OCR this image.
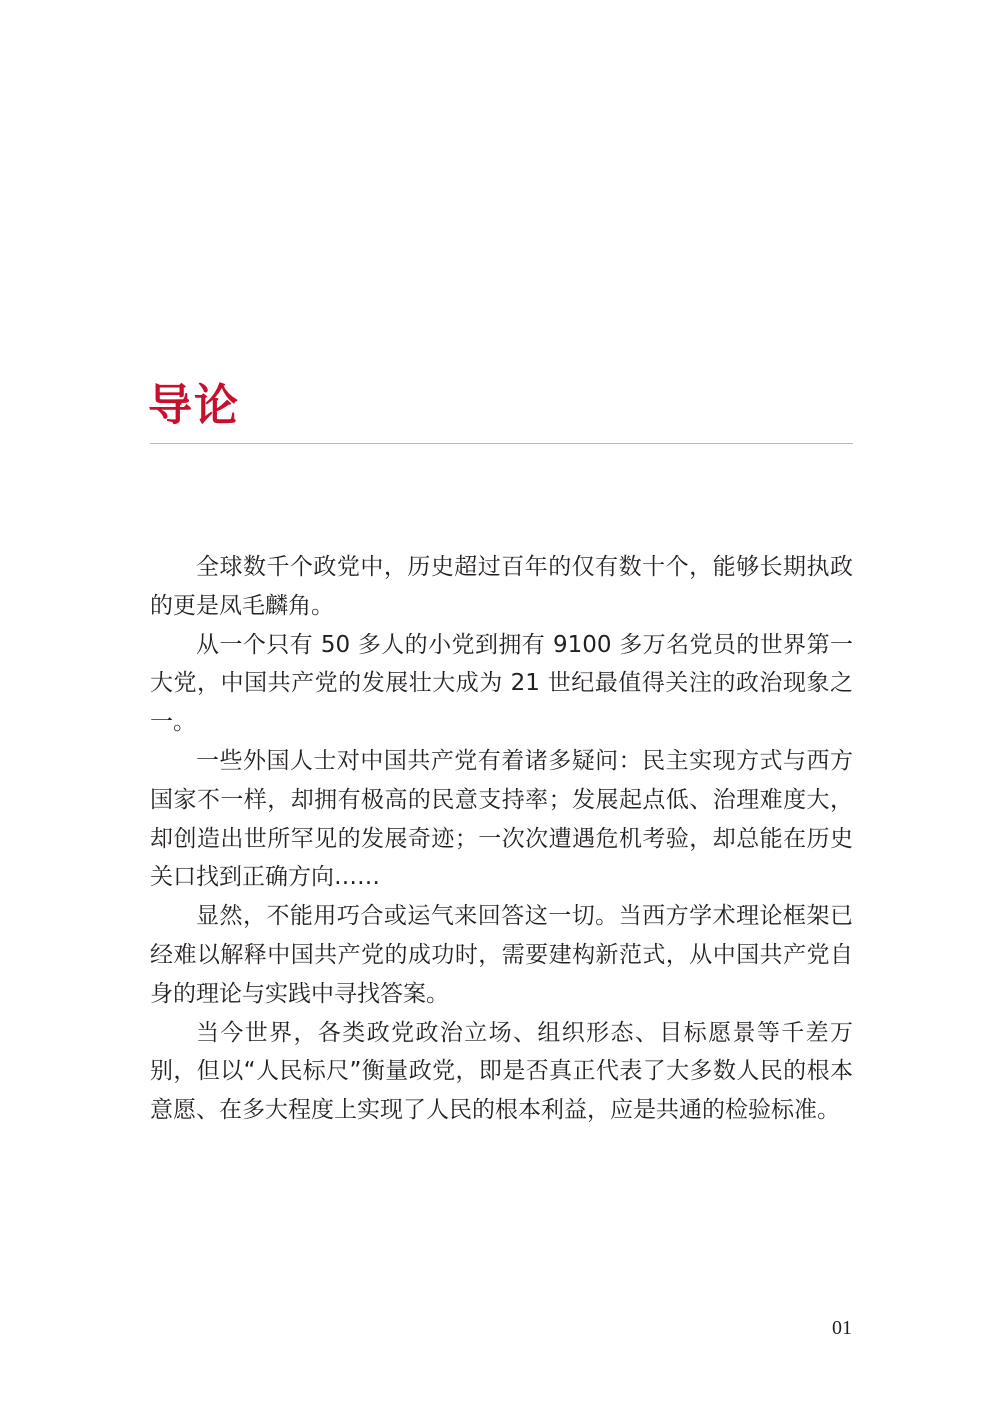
导论

全球数千个政党中，历史超过百年的仅有数十个，能够长期执政的更是凤毛麟角。

从一个只有 50 多人的小党到拥有 9100 多万名党员的世界第一大党，中国共产党的发展壮大成为 21 世纪最值得关注的政治现象之一。

一些外国人士对中国共产党有着诸多疑问：民主实现方式与西方国家不一样，却拥有极高的民意支持率；发展起点低、治理难度大，却创造出世所罕见的发展奇迹；一次次遭遇危机考验，却总能在历史关口找到正确方向……

显然，不能用巧合或运气来回答这一切。当西方学术理论框架已经难以解释中国共产党的成功时，需要建构新范式，从中国共产党自身的理论与实践中寻找答案。

当今世界，各类政党政治立场、组织形态、目标愿景等千差万别，但以“人民标尺”衡量政党，即是否真正代表了大多数人民的根本意愿、在多大程度上实现了人民的根本利益，应是共通的检验标准。

01
